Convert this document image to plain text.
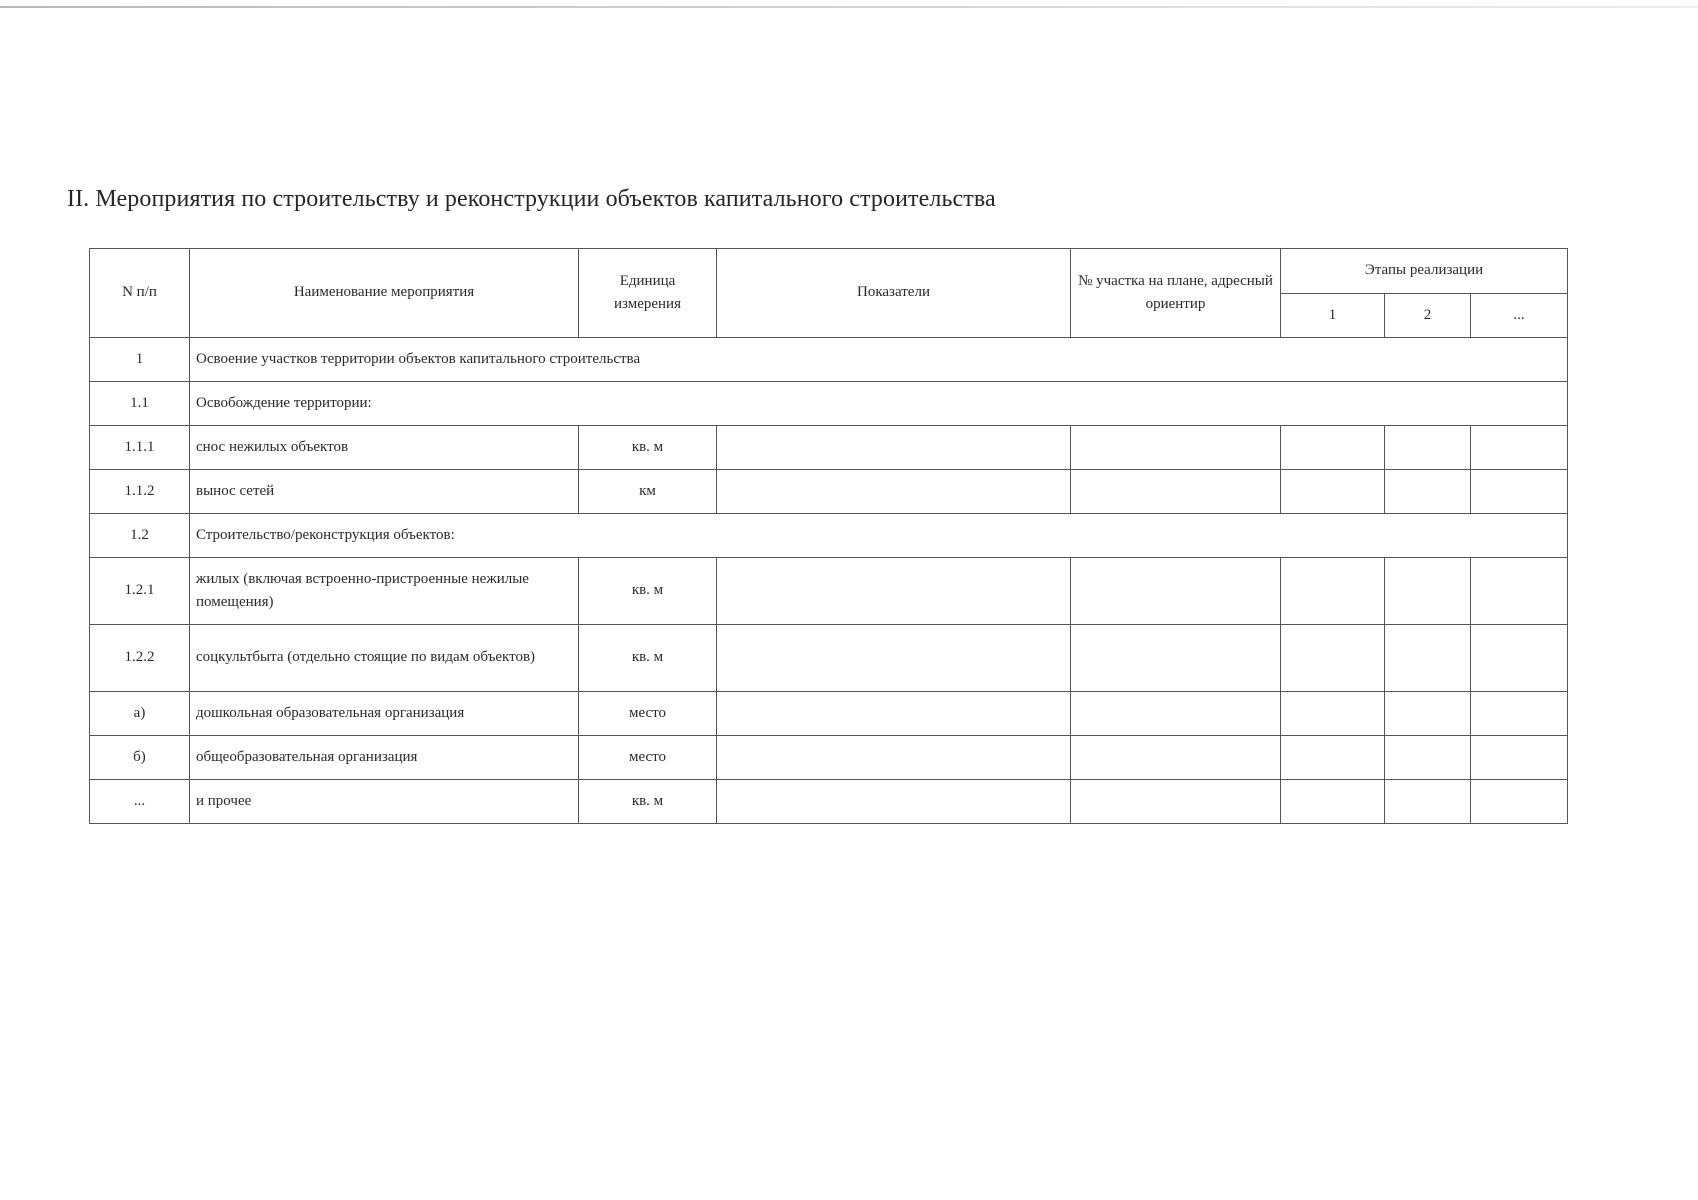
II. Мероприятия по строительству и реконструкции объектов капитального строительства
N п/п	Наименование мероприятия	Единица измерения	Показатели	№ участка на плане, адресный ориентир	Этапы реализации		
					1	2	...
1	Освоение участков территории объектов капитального строительства						
1.1	Освобождение территории:						
1.1.1	снос нежилых объектов	кв. м					
1.1.2	вынос сетей	км					
1.2	Строительство/реконструкция объектов:						
1.2.1	жилых (включая встроенно-пристроенные нежилые помещения)	кв. м					
1.2.2	соцкультбыта (отдельно стоящие по видам объектов)	кв. м					
а)	дошкольная образовательная организация	место					
б)	общеобразовательная организация	место					
...	и прочее	кв. м					
